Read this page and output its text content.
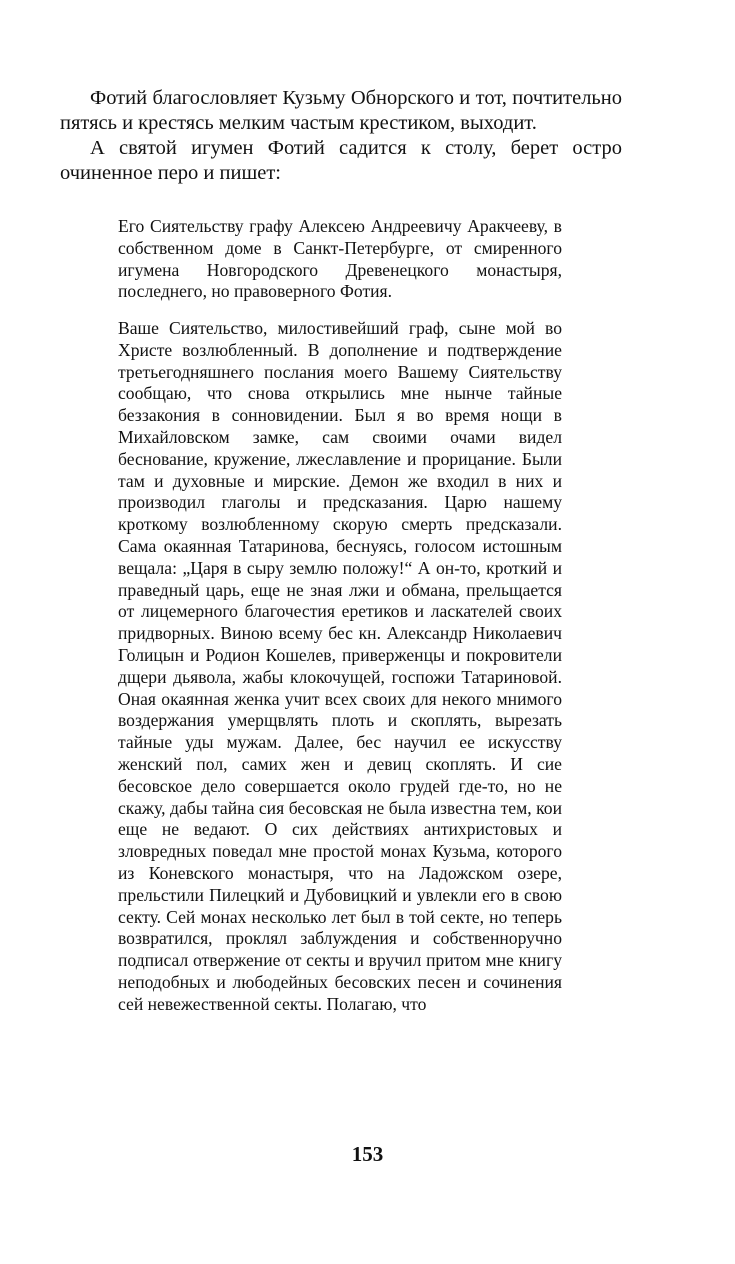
Фотий благословляет Кузьму Обнорского и тот, почтительно пятясь и крестясь мелким частым крестиком, выходит.

А святой игумен Фотий садится к столу, берет остро очиненное перо и пишет:

Его Сиятельству графу Алексею Андреевичу Аракчееву, в собственном доме в Санкт-Петербурге, от смиренного игумена Новгородского Древенецкого монастыря, последнего, но правоверного Фотия.

Ваше Сиятельство, милостивейший граф, сыне мой во Христе возлюбленный. В дополнение и подтверждение третьегодняшнего послания моего Вашему Сиятельству сообщаю, что снова открылись мне нынче тайные беззакония в сонновидении. Был я во время нощи в Михайловском замке, сам своими очами видел беснование, кружение, лжеславление и прорицание. Были там и духовные и мирские. Демон же входил в них и производил глаголы и предсказания. Царю нашему кроткому возлюбленному скорую смерть предсказали. Сама окаянная Татаринова, беснуясь, голосом истошным вещала: „Царя в сыру землю положу!“ А он-то, кроткий и праведный царь, еще не зная лжи и обмана, прельщается от лицемерного благочестия еретиков и ласкателей своих придворных. Виною всему бес кн. Александр Николаевич Голицын и Родион Кошелев, приверженцы и покровители дщери дьявола, жабы клокочущей, госпожи Татариновой. Оная окаянная женка учит всех своих для некого мнимого воздержания умерщвлять плоть и скоплять, вырезать тайные уды мужам. Далее, бес научил ее искусству женский пол, самих жен и девиц скоплять. И сие бесовское дело совершается около грудей где-то, но не скажу, дабы тайна сия бесовская не была известна тем, кои еще не ведают. О сих действиях антихристовых и зловредных поведал мне простой монах Кузьма, которого из Коневского монастыря, что на Ладожском озере, прельстили Пилецкий и Дубовицкий и увлекли его в свою секту. Сей монах несколько лет был в той секте, но теперь возвратился, проклял заблуждения и собственноручно подписал отвержение от секты и вручил притом мне книгу неподобных и любодейных бесовских песен и сочинения сей невежественной секты. Полагаю, что

153
